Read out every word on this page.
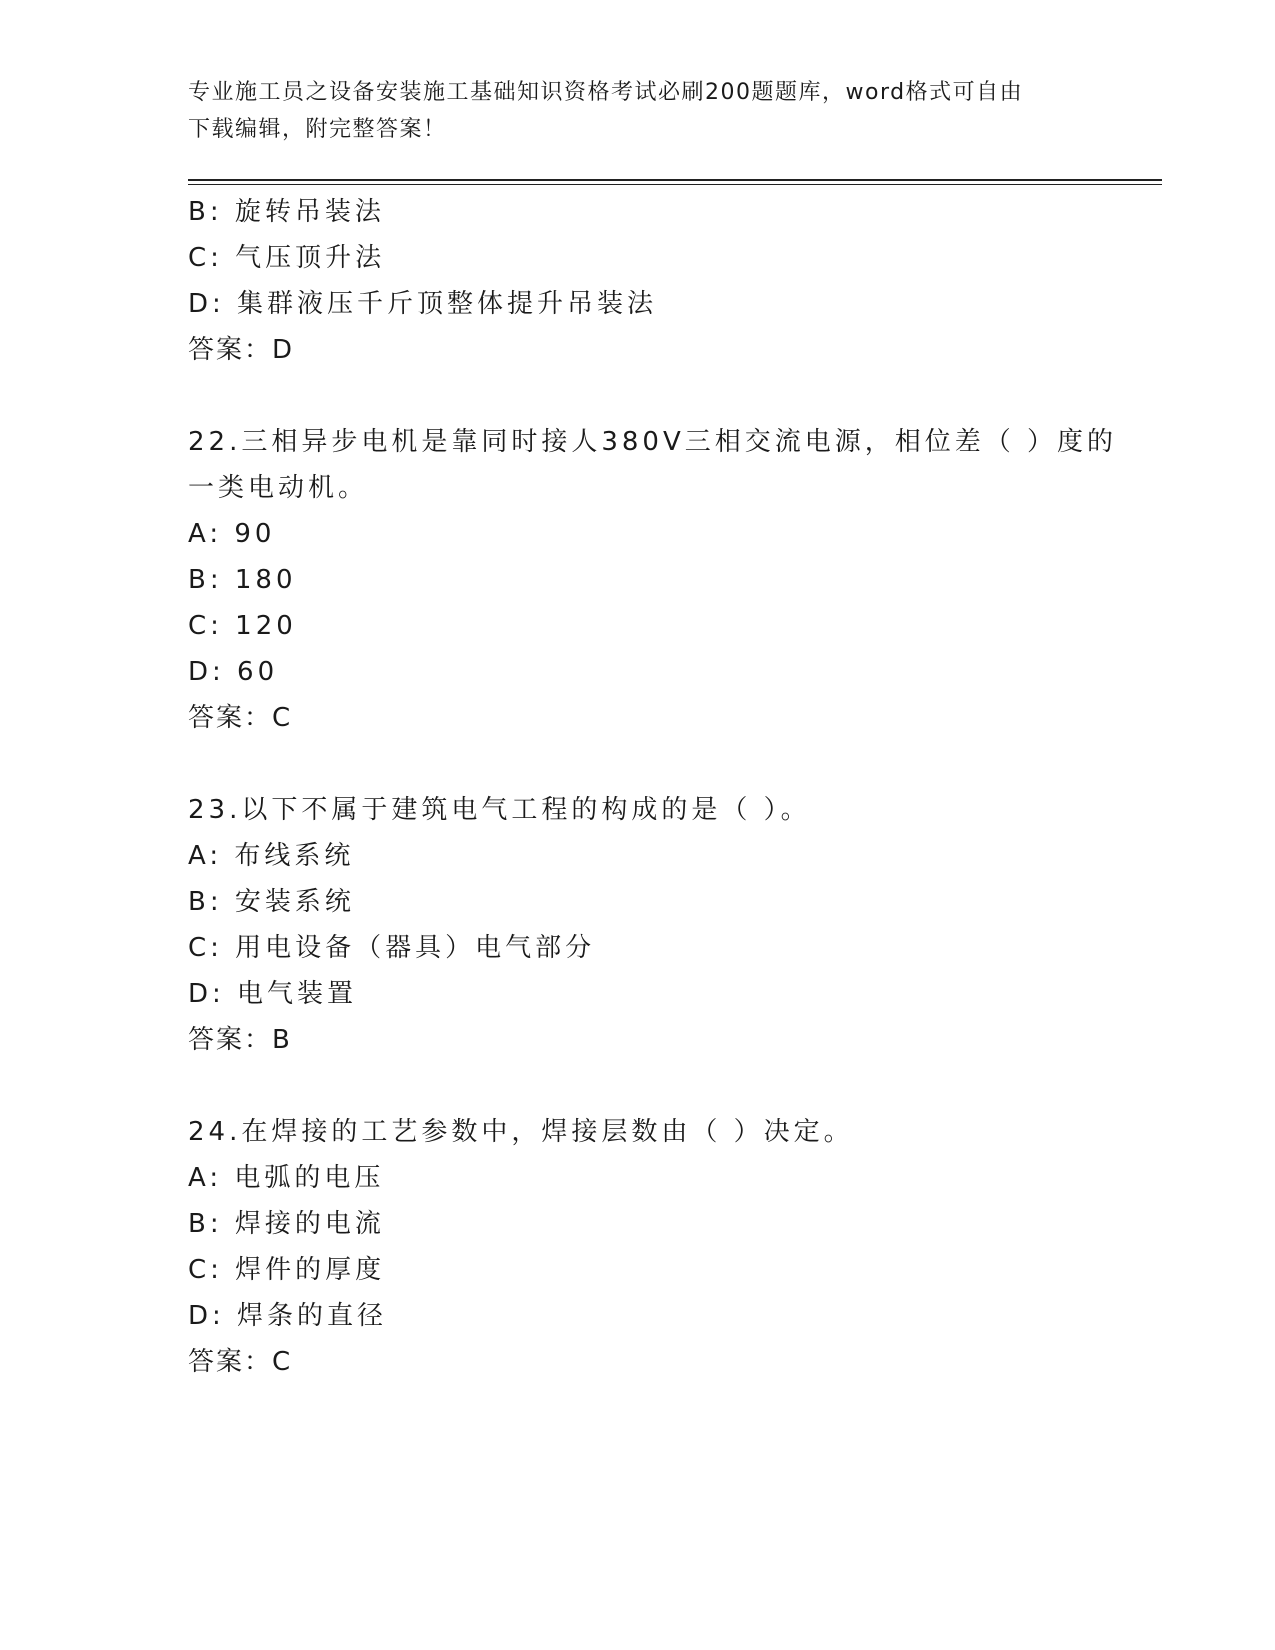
专业施工员之设备安装施工基础知识资格考试必刷200题题库，word格式可自由
下载编辑，附完整答案！
B: 旋转吊装法
C: 气压顶升法
D: 集群液压千斤顶整体提升吊装法
答案：D
22.三相异步电机是靠同时接人380V三相交流电源，相位差（ ）度的
一类电动机。
A: 90
B: 180
C: 120
D: 60
答案：C
23.以下不属于建筑电气工程的构成的是（ ）。
A: 布线系统
B: 安装系统
C: 用电设备（器具）电气部分
D: 电气装置
答案：B
24.在焊接的工艺参数中，焊接层数由（ ）决定。
A: 电弧的电压
B: 焊接的电流
C: 焊件的厚度
D: 焊条的直径
答案：C
